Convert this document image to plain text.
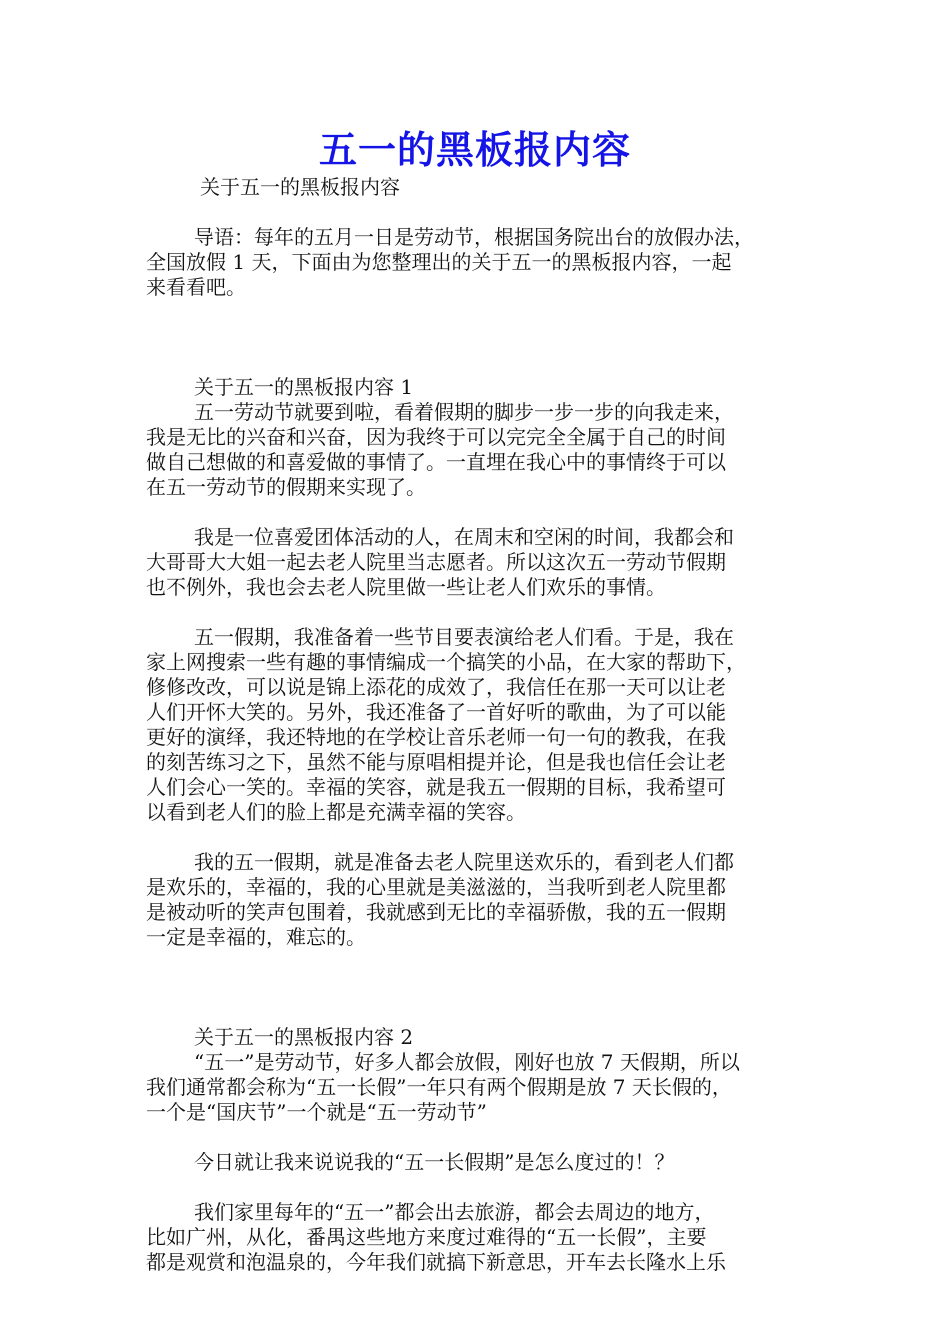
五一的黑板报内容
关于五一的黑板报内容
导语：每年的五月一日是劳动节，根据国务院出台的放假办法，
全国放假 1 天，下面由为您整理出的关于五一的黑板报内容，一起
来看看吧。
关于五一的黑板报内容 1
五一劳动节就要到啦，看着假期的脚步一步一步的向我走来，
我是无比的兴奋和兴奋，因为我终于可以完完全全属于自己的时间
做自己想做的和喜爱做的事情了。一直埋在我心中的事情终于可以
在五一劳动节的假期来实现了。
我是一位喜爱团体活动的人，在周末和空闲的时间，我都会和
大哥哥大大姐一起去老人院里当志愿者。所以这次五一劳动节假期
也不例外，我也会去老人院里做一些让老人们欢乐的事情。
五一假期，我准备着一些节目要表演给老人们看。于是，我在
家上网搜索一些有趣的事情编成一个搞笑的小品，在大家的帮助下，
修修改改，可以说是锦上添花的成效了，我信任在那一天可以让老
人们开怀大笑的。另外，我还准备了一首好听的歌曲，为了可以能
更好的演绎，我还特地的在学校让音乐老师一句一句的教我，在我
的刻苦练习之下，虽然不能与原唱相提并论，但是我也信任会让老
人们会心一笑的。幸福的笑容，就是我五一假期的目标，我希望可
以看到老人们的脸上都是充满幸福的笑容。
我的五一假期，就是准备去老人院里送欢乐的，看到老人们都
是欢乐的，幸福的，我的心里就是美滋滋的，当我听到老人院里都
是被动听的笑声包围着，我就感到无比的幸福骄傲，我的五一假期
一定是幸福的，难忘的。
关于五一的黑板报内容 2
“五一”是劳动节，好多人都会放假，刚好也放 7 天假期，所以
我们通常都会称为“五一长假”一年只有两个假期是放 7 天长假的，
一个是“国庆节”一个就是“五一劳动节”
今日就让我来说说我的“五一长假期”是怎么度过的！？
我们家里每年的“五一”都会出去旅游，都会去周边的地方，
比如广州，从化，番禺这些地方来度过难得的“五一长假”，主要
都是观赏和泡温泉的，今年我们就搞下新意思，开车去长隆水上乐
